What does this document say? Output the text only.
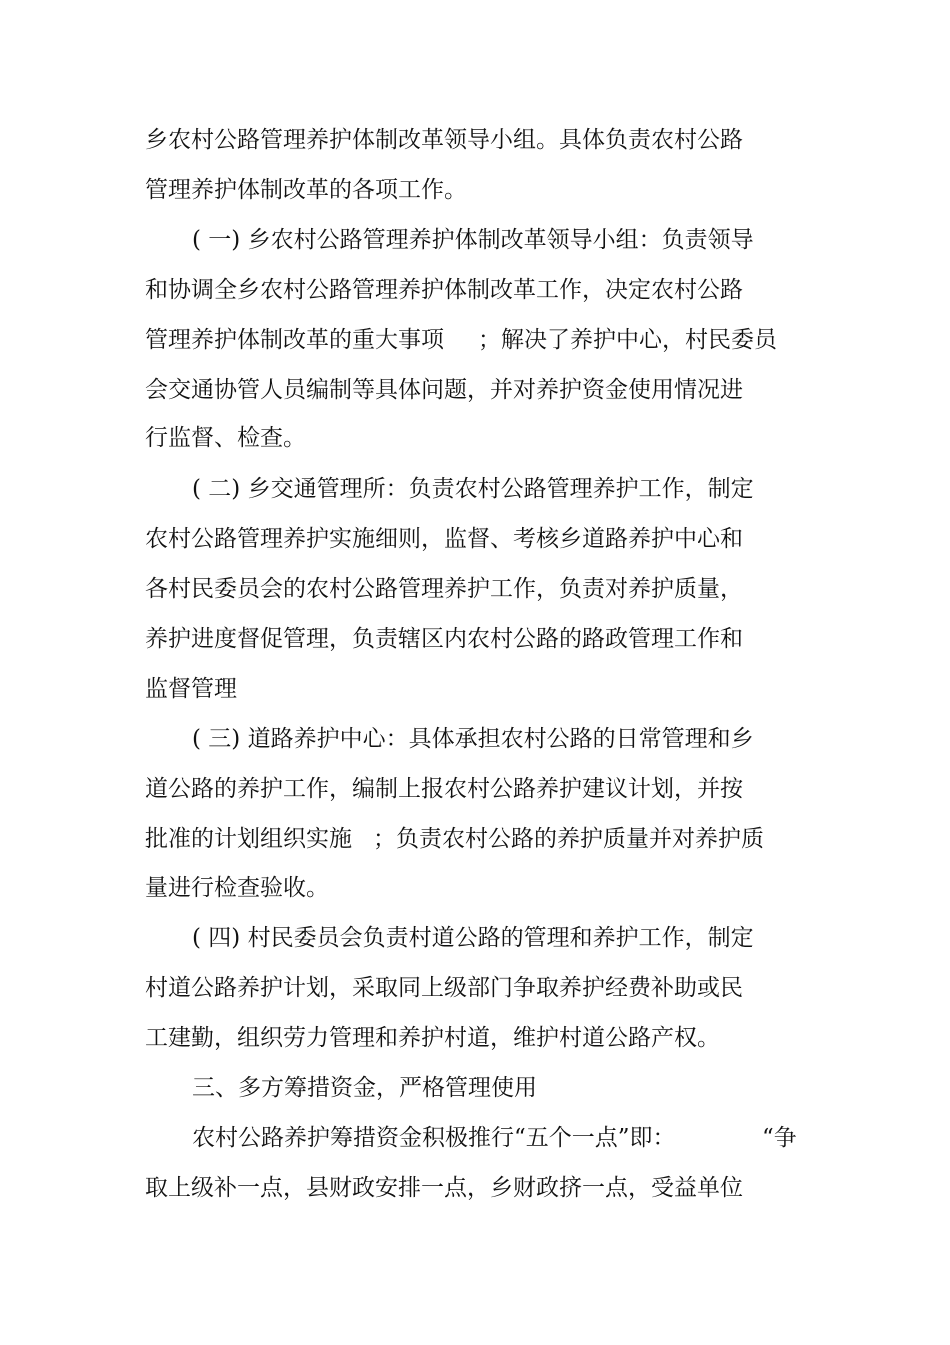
乡农村公路管理养护体制改革领导小组。具体负责农村公路
管理养护体制改革的各项工作。
( 一) 乡农村公路管理养护体制改革领导小组：负责领导
和协调全乡农村公路管理养护体制改革工作，决定农村公路
管理养护体制改革的重大事项 ；解决了养护中心，村民委员
会交通协管人员编制等具体问题，并对养护资金使用情况进
行监督、检查。
( 二) 乡交通管理所：负责农村公路管理养护工作，制定
农村公路管理养护实施细则，监督、考核乡道路养护中心和
各村民委员会的农村公路管理养护工作，负责对养护质量，
养护进度督促管理，负责辖区内农村公路的路政管理工作和
监督管理
( 三) 道路养护中心：具体承担农村公路的日常管理和乡
道公路的养护工作，编制上报农村公路养护建议计划，并按
批准的计划组织实施 ；负责农村公路的养护质量并对养护质
量进行检查验收。
( 四) 村民委员会负责村道公路的管理和养护工作，制定
村道公路养护计划，采取同上级部门争取养护经费补助或民
工建勤，组织劳力管理和养护村道，维护村道公路产权。
三、多方筹措资金，严格管理使用
农村公路养护筹措资金积极推行“五个一点”即：	“争
取上级补一点，县财政安排一点，乡财政挤一点，受益单位
